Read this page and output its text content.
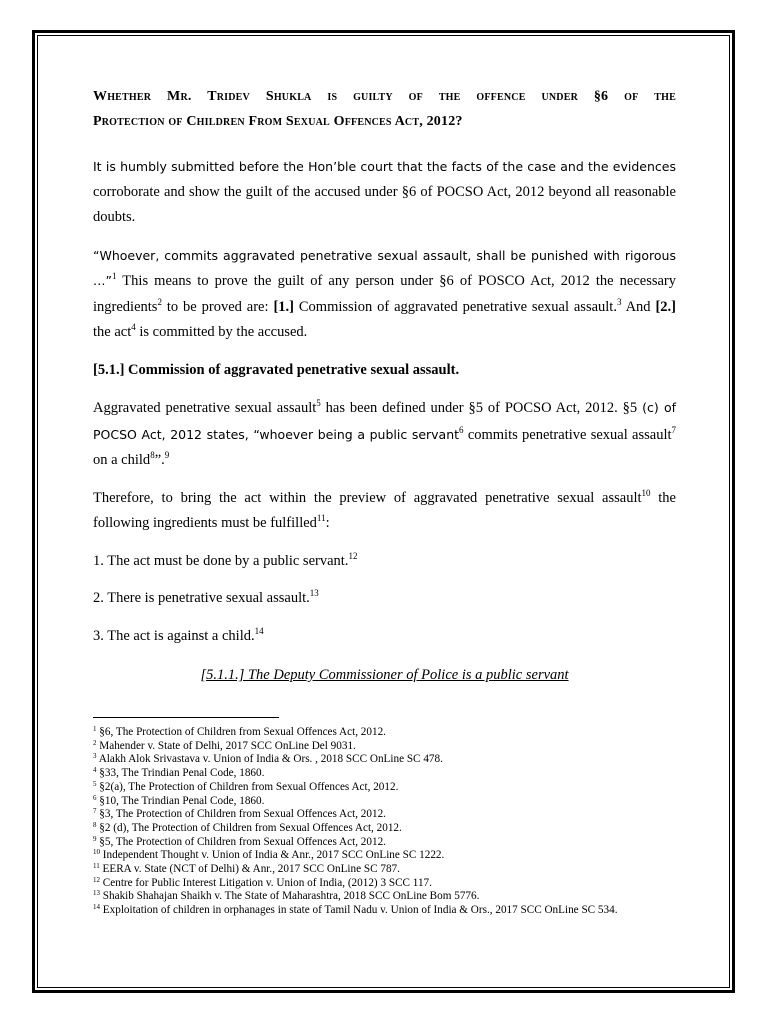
Whether Mr. Tridev Shukla is guilty of the offence under §6 of the
Protection of Children From Sexual Offences Act, 2012?

It is humbly submitted before the Hon’ble court that the facts of the case and the evidences
corroborate and show the guilt of the accused under §6 of POCSO Act, 2012 beyond all reasonable doubts.

“Whoever, commits aggravated penetrative sexual assault, shall be punished with rigorous
…”$^1$ This means to prove the guilt of any person under §6 of POSCO Act, 2012 the necessary ingredients$^2$ to be proved are: [1.] Commission of aggravated penetrative sexual assault.$^3$ And [2.] the act$^4$ is committed by the accused.

[5.1.] Commission of aggravated penetrative sexual assault.

Aggravated penetrative sexual assault$^5$ has been defined under §5 of POCSO Act, 2012. §5 (c) of POCSO Act, 2012 states, “whoever being a public servant$^6$ commits penetrative sexual assault$^7$ on a child$^8$”.$^9$

Therefore, to bring the act within the preview of aggravated penetrative sexual assault$^{10}$ the following ingredients must be fulfilled$^{11}$:

1. The act must be done by a public servant.$^{12}$

2. There is penetrative sexual assault.$^{13}$

3. The act is against a child.$^{14}$

[5.1.1.] The Deputy Commissioner of Police is a public servant

$^1$ §6, The Protection of Children from Sexual Offences Act, 2012.
$^2$ Mahender v. State of Delhi, 2017 SCC OnLine Del 9031.
$^3$ Alakh Alok Srivastava v. Union of India & Ors. , 2018 SCC OnLine SC 478.
$^4$ §33, The Trindian Penal Code, 1860.
$^5$ §2(a), The Protection of Children from Sexual Offences Act, 2012.
$^6$ §10, The Trindian Penal Code, 1860.
$^7$ §3, The Protection of Children from Sexual Offences Act, 2012.
$^8$ §2 (d), The Protection of Children from Sexual Offences Act, 2012.
$^9$ §5, The Protection of Children from Sexual Offences Act, 2012.
$^{10}$ Independent Thought v. Union of India & Anr., 2017 SCC OnLine SC 1222.
$^{11}$ EERA v. State (NCT of Delhi) & Anr., 2017 SCC OnLine SC 787.
$^{12}$ Centre for Public Interest Litigation v. Union of India, (2012) 3 SCC 117.
$^{13}$ Shakib Shahajan Shaikh v. The State of Maharashtra, 2018 SCC OnLine Bom 5776.
$^{14}$ Exploitation of children in orphanages in state of Tamil Nadu v. Union of India & Ors., 2017 SCC OnLine SC 534.
